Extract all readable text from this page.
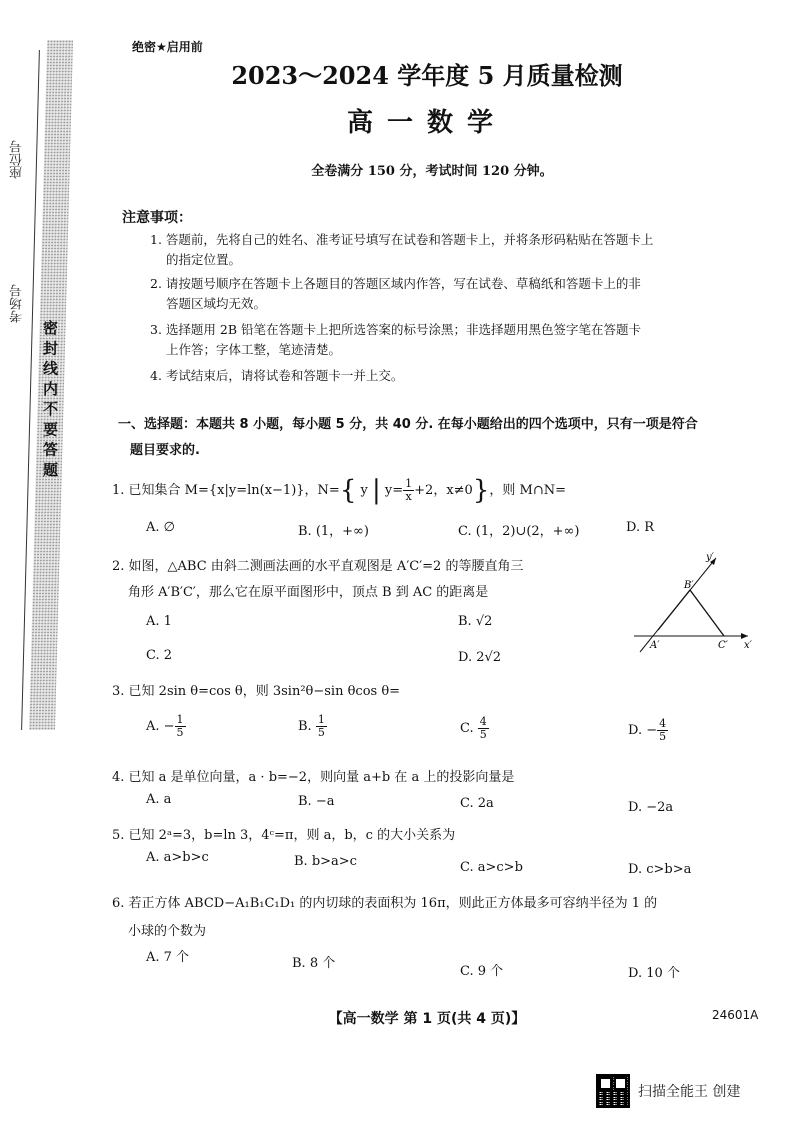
座位号
考场号
密 封 线 内 不 要 答 题
绝密★启用前
2023～2024 学年度 5 月质量检测
高一数学
全卷满分 150 分，考试时间 120 分钟。
注意事项：
1. 答题前，先将自己的姓名、准考证号填写在试卷和答题卡上，并将条形码粘贴在答题卡上
的指定位置。
2. 请按题号顺序在答题卡上各题目的答题区域内作答，写在试卷、草稿纸和答题卡上的非
答题区域均无效。
3. 选择题用 2B 铅笔在答题卡上把所选答案的标号涂黑；非选择题用黑色签字笔在答题卡
上作答；字体工整，笔迹清楚。
4. 考试结束后，请将试卷和答题卡一并上交。
一、选择题：本题共 8 小题，每小题 5 分，共 40 分. 在每小题给出的四个选项中，只有一项是符合
题目要求的.
1. 已知集合 M={x|y=ln(x−1)}，N={ y | $y= \frac{1}{x} +2$，x≠0}，则 M∩N=
A. ∅	B. (1，+∞)	C. (1，2)∪(2，+∞)	D. R
2. 如图，△ABC 由斜二测画法画的水平直观图是 A′C′=2 的等腰直角三
角形 A′B′C′，那么它在原平面图形中，顶点 B 到 AC 的距离是
A. 1	B. √2
C. 2	D. 2√2
y′
x′
A′
B′
C′
3. 已知 2sin θ=cos θ，则 3sin²θ−sin θcos θ=
A. − $\frac{1}{5}$	B. $\frac{1}{5}$	C. $\frac{4}{5}$	D. − $\frac{4}{5}$
4. 已知 a 是单位向量，a · b=−2，则向量 a+b 在 a 上的投影向量是
A. a	B. −a	C. 2a	D. −2a
5. 已知 2ᵃ=3，b=ln 3，4ᶜ=π，则 a，b，c 的大小关系为
A. a>b>c	B. b>a>c	C. a>c>b	D. c>b>a
6. 若正方体 ABCD−A₁B₁C₁D₁ 的内切球的表面积为 16π，则此正方体最多可容纳半径为 1 的
小球的个数为
A. 7 个	B. 8 个
C. 9 个	D. 10 个
【高一数学 第 1 页(共 4 页)】	24601A
扫描全能王 创建
